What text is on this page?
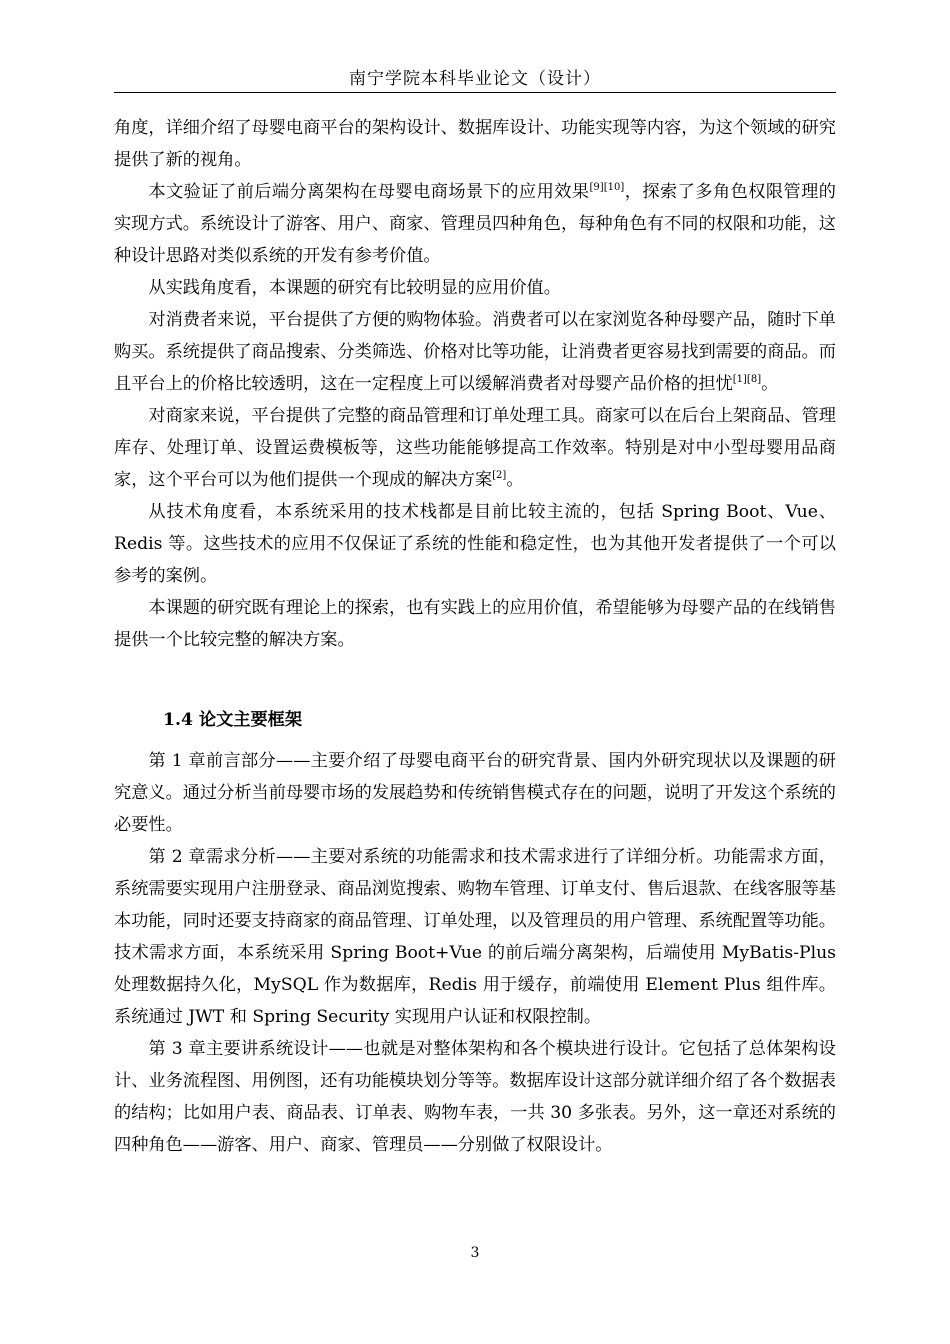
南宁学院本科毕业论文（设计）

角度，详细介绍了母婴电商平台的架构设计、数据库设计、功能实现等内容，为这个领域的研究提供了新的视角。

本文验证了前后端分离架构在母婴电商场景下的应用效果[9][10]，探索了多角色权限管理的实现方式。系统设计了游客、用户、商家、管理员四种角色，每种角色有不同的权限和功能，这种设计思路对类似系统的开发有参考价值。

从实践角度看，本课题的研究有比较明显的应用价值。

对消费者来说，平台提供了方便的购物体验。消费者可以在家浏览各种母婴产品，随时下单购买。系统提供了商品搜索、分类筛选、价格对比等功能，让消费者更容易找到需要的商品。而且平台上的价格比较透明，这在一定程度上可以缓解消费者对母婴产品价格的担忧[1][8]。

对商家来说，平台提供了完整的商品管理和订单处理工具。商家可以在后台上架商品、管理库存、处理订单、设置运费模板等，这些功能能够提高工作效率。特别是对中小型母婴用品商家，这个平台可以为他们提供一个现成的解决方案[2]。

从技术角度看，本系统采用的技术栈都是目前比较主流的，包括 Spring Boot、Vue、Redis 等。这些技术的应用不仅保证了系统的性能和稳定性，也为其他开发者提供了一个可以参考的案例。

本课题的研究既有理论上的探索，也有实践上的应用价值，希望能够为母婴产品的在线销售提供一个比较完整的解决方案。

1.4 论文主要框架

第 1 章前言部分——主要介绍了母婴电商平台的研究背景、国内外研究现状以及课题的研究意义。通过分析当前母婴市场的发展趋势和传统销售模式存在的问题，说明了开发这个系统的必要性。

第 2 章需求分析——主要对系统的功能需求和技术需求进行了详细分析。功能需求方面，系统需要实现用户注册登录、商品浏览搜索、购物车管理、订单支付、售后退款、在线客服等基本功能，同时还要支持商家的商品管理、订单处理，以及管理员的用户管理、系统配置等功能。技术需求方面，本系统采用 Spring Boot+Vue 的前后端分离架构，后端使用 MyBatis-Plus 处理数据持久化，MySQL 作为数据库，Redis 用于缓存，前端使用 Element Plus 组件库。系统通过 JWT 和 Spring Security 实现用户认证和权限控制。

第 3 章主要讲系统设计——也就是对整体架构和各个模块进行设计。它包括了总体架构设计、业务流程图、用例图，还有功能模块划分等等。数据库设计这部分就详细介绍了各个数据表的结构；比如用户表、商品表、订单表、购物车表，一共 30 多张表。另外，这一章还对系统的四种角色——游客、用户、商家、管理员——分别做了权限设计。

3
